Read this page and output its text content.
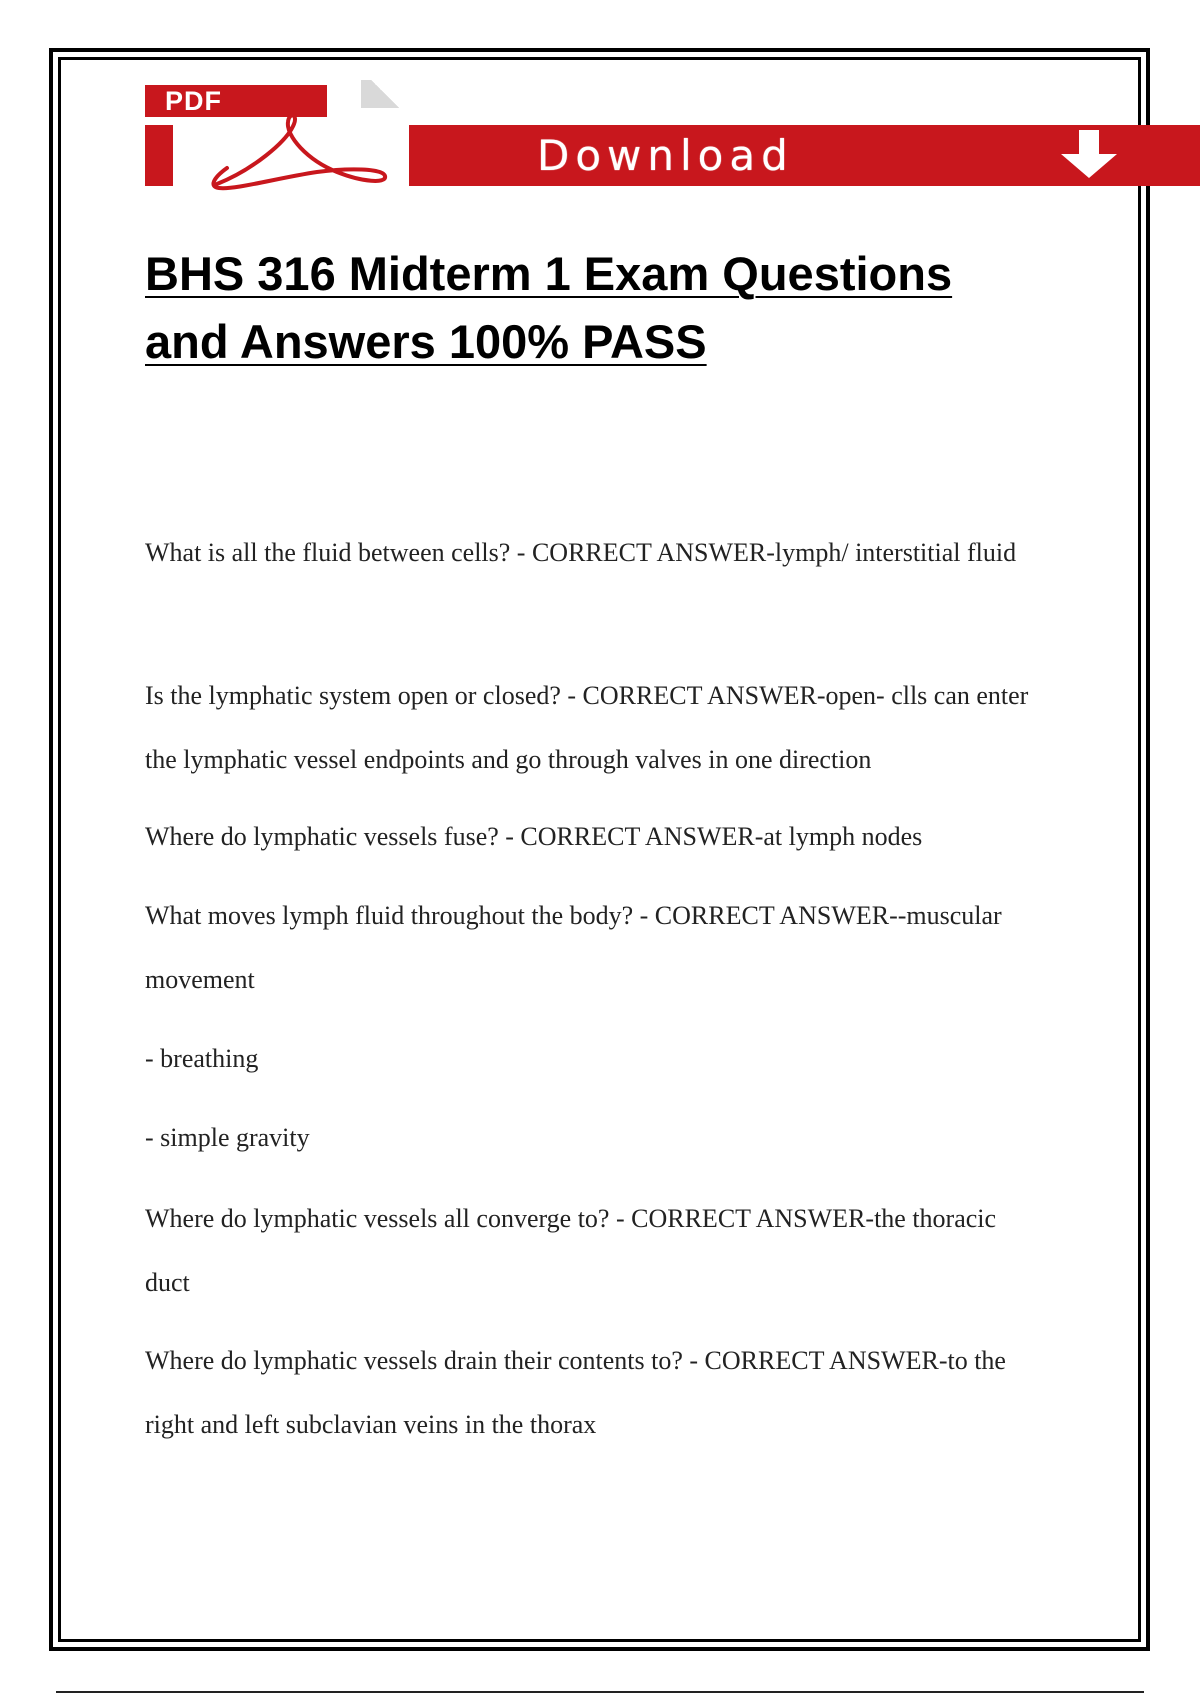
PDF
Download
BHS 316 Midterm 1 Exam Questions and Answers 100% PASS

What is all the fluid between cells? - CORRECT ANSWER-lymph/ interstitial fluid

Is the lymphatic system open or closed? - CORRECT ANSWER-open- clls can enter the lymphatic vessel endpoints and go through valves in one direction

Where do lymphatic vessels fuse? - CORRECT ANSWER-at lymph nodes

What moves lymph fluid throughout the body? - CORRECT ANSWER--muscular movement

- breathing

- simple gravity

Where do lymphatic vessels all converge to? - CORRECT ANSWER-the thoracic duct

Where do lymphatic vessels drain their contents to? - CORRECT ANSWER-to the right and left subclavian veins in the thorax
